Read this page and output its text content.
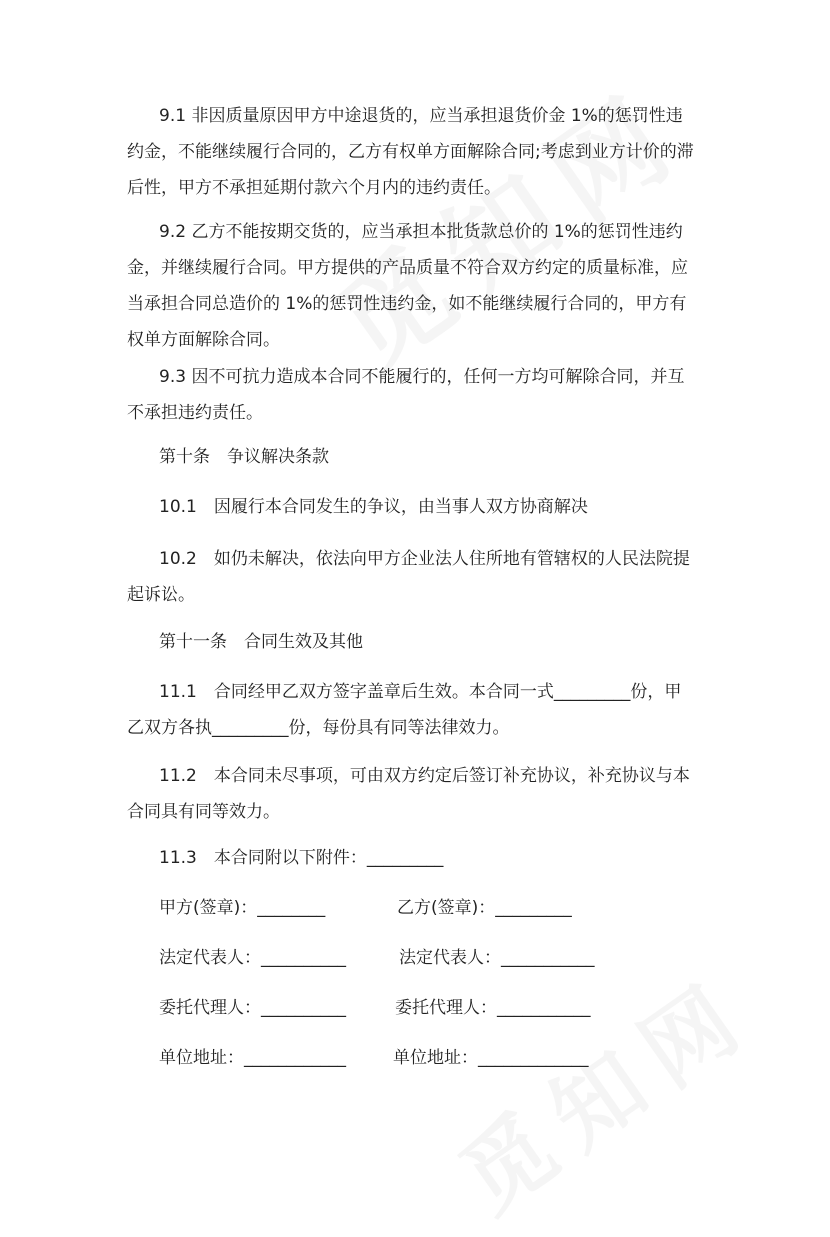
9.1 非因质量原因甲方中途退货的，应当承担退货价金 1%的惩罚性违约金，不能继续履行合同的，乙方有权单方面解除合同;考虑到业方计价的滞后性，甲方不承担延期付款六个月内的违约责任。

9.2 乙方不能按期交货的，应当承担本批货款总价的 1%的惩罚性违约金，并继续履行合同。甲方提供的产品质量不符合双方约定的质量标准，应当承担合同总造价的 1%的惩罚性违约金，如不能继续履行合同的，甲方有权单方面解除合同。

9.3 因不可抗力造成本合同不能履行的，任何一方均可解除合同，并互不承担违约责任。

第十条　争议解决条款

10.1　因履行本合同发生的争议，由当事人双方协商解决

10.2　如仍未解决，依法向甲方企业法人住所地有管辖权的人民法院提起诉讼。

第十一条　合同生效及其他

11.1　合同经甲乙双方签字盖章后生效。本合同一式_________份，甲乙双方各执_________份，每份具有同等法律效力。

11.2　本合同未尽事项，可由双方约定后签订补充协议，补充协议与本合同具有同等效力。

11.3　本合同附以下附件：_________

甲方(签章)：________	乙方(签章)：_________
法定代表人：__________	法定代表人：___________
委托代理人：__________	委托代理人：___________
单位地址：____________	单位地址：_____________
